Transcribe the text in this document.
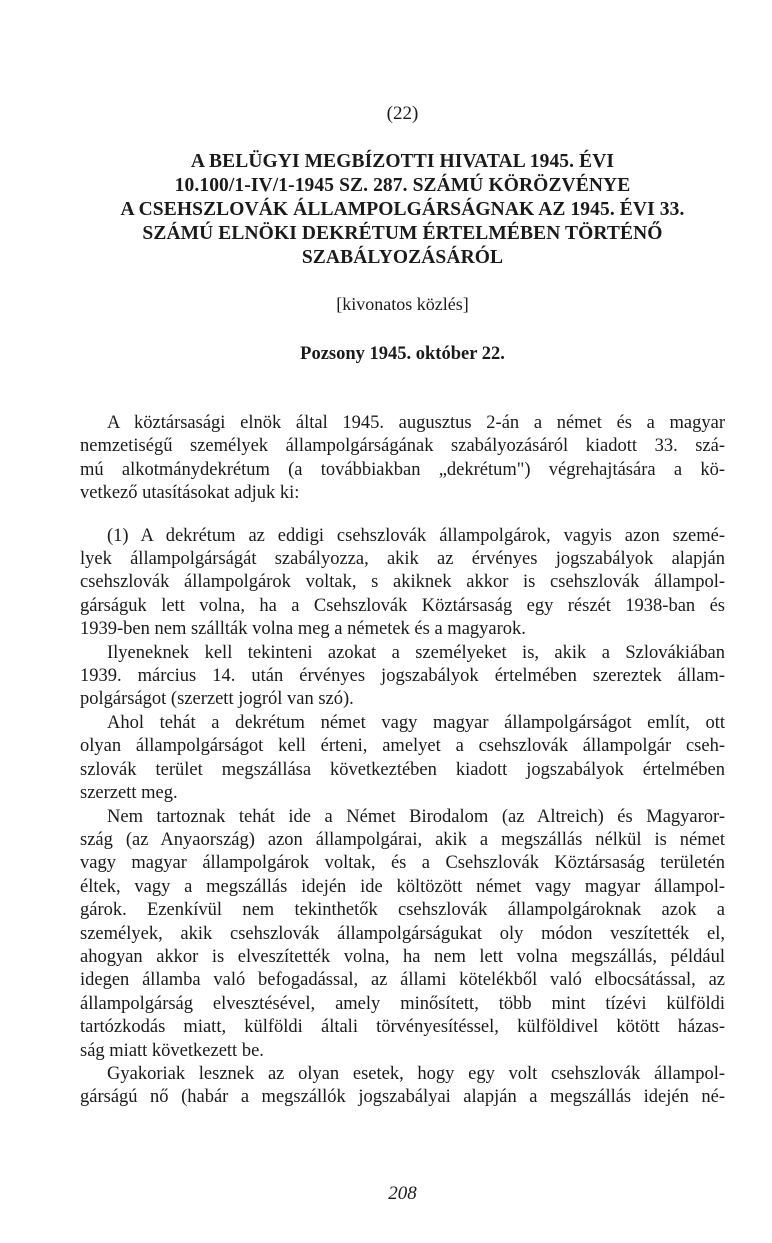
(22)
A BELÜGYI MEGBÍZOTTI HIVATAL 1945. ÉVI
10.100/1-IV/1-1945 SZ. 287. SZÁMÚ KÖRÖZVÉNYE
A CSEHSZLOVÁK ÁLLAMPOLGÁRSÁGNAK AZ 1945. ÉVI 33.
SZÁMÚ ELNÖKI DEKRÉTUM ÉRTELMÉBEN TÖRTÉNŐ
SZABÁLYOZÁSÁRÓL
[kivonatos közlés]
Pozsony 1945. október 22.
A köztársasági elnök által 1945. augusztus 2-án a német és a magyar
nemzetiségű személyek állampolgárságának szabályozásáról kiadott 33. szá-
mú alkotmánydekrétum (a továbbiakban „dekrétum") végrehajtására a kö-
vetkező utasításokat adjuk ki:
(1) A dekrétum az eddigi csehszlovák állampolgárok, vagyis azon szemé-
lyek állampolgárságát szabályozza, akik az érvényes jogszabályok alapján
csehszlovák állampolgárok voltak, s akiknek akkor is csehszlovák állampol-
gárságuk lett volna, ha a Csehszlovák Köztársaság egy részét 1938-ban és
1939-ben nem szállták volna meg a németek és a magyarok.
Ilyeneknek kell tekinteni azokat a személyeket is, akik a Szlovákiában
1939. március 14. után érvényes jogszabályok értelmében szereztek állam-
polgárságot (szerzett jogról van szó).
Ahol tehát a dekrétum német vagy magyar állampolgárságot említ, ott
olyan állampolgárságot kell érteni, amelyet a csehszlovák állampolgár cseh-
szlovák terület megszállása következtében kiadott jogszabályok értelmében
szerzett meg.
Nem tartoznak tehát ide a Német Birodalom (az Altreich) és Magyaror-
szág (az Anyaország) azon állampolgárai, akik a megszállás nélkül is német
vagy magyar állampolgárok voltak, és a Csehszlovák Köztársaság területén
éltek, vagy a megszállás idején ide költözött német vagy magyar állampol-
gárok. Ezenkívül nem tekinthetők csehszlovák állampolgároknak azok a
személyek, akik csehszlovák állampolgárságukat oly módon veszítették el,
ahogyan akkor is elveszítették volna, ha nem lett volna megszállás, például
idegen államba való befogadással, az állami kötelékből való elbocsátással, az
állampolgárság elvesztésével, amely minősített, több mint tízévi külföldi
tartózkodás miatt, külföldi általi törvényesítéssel, külföldivel kötött házas-
ság miatt következett be.
Gyakoriak lesznek az olyan esetek, hogy egy volt csehszlovák állampol-
gárságú nő (habár a megszállók jogszabályai alapján a megszállás idején né-
208
